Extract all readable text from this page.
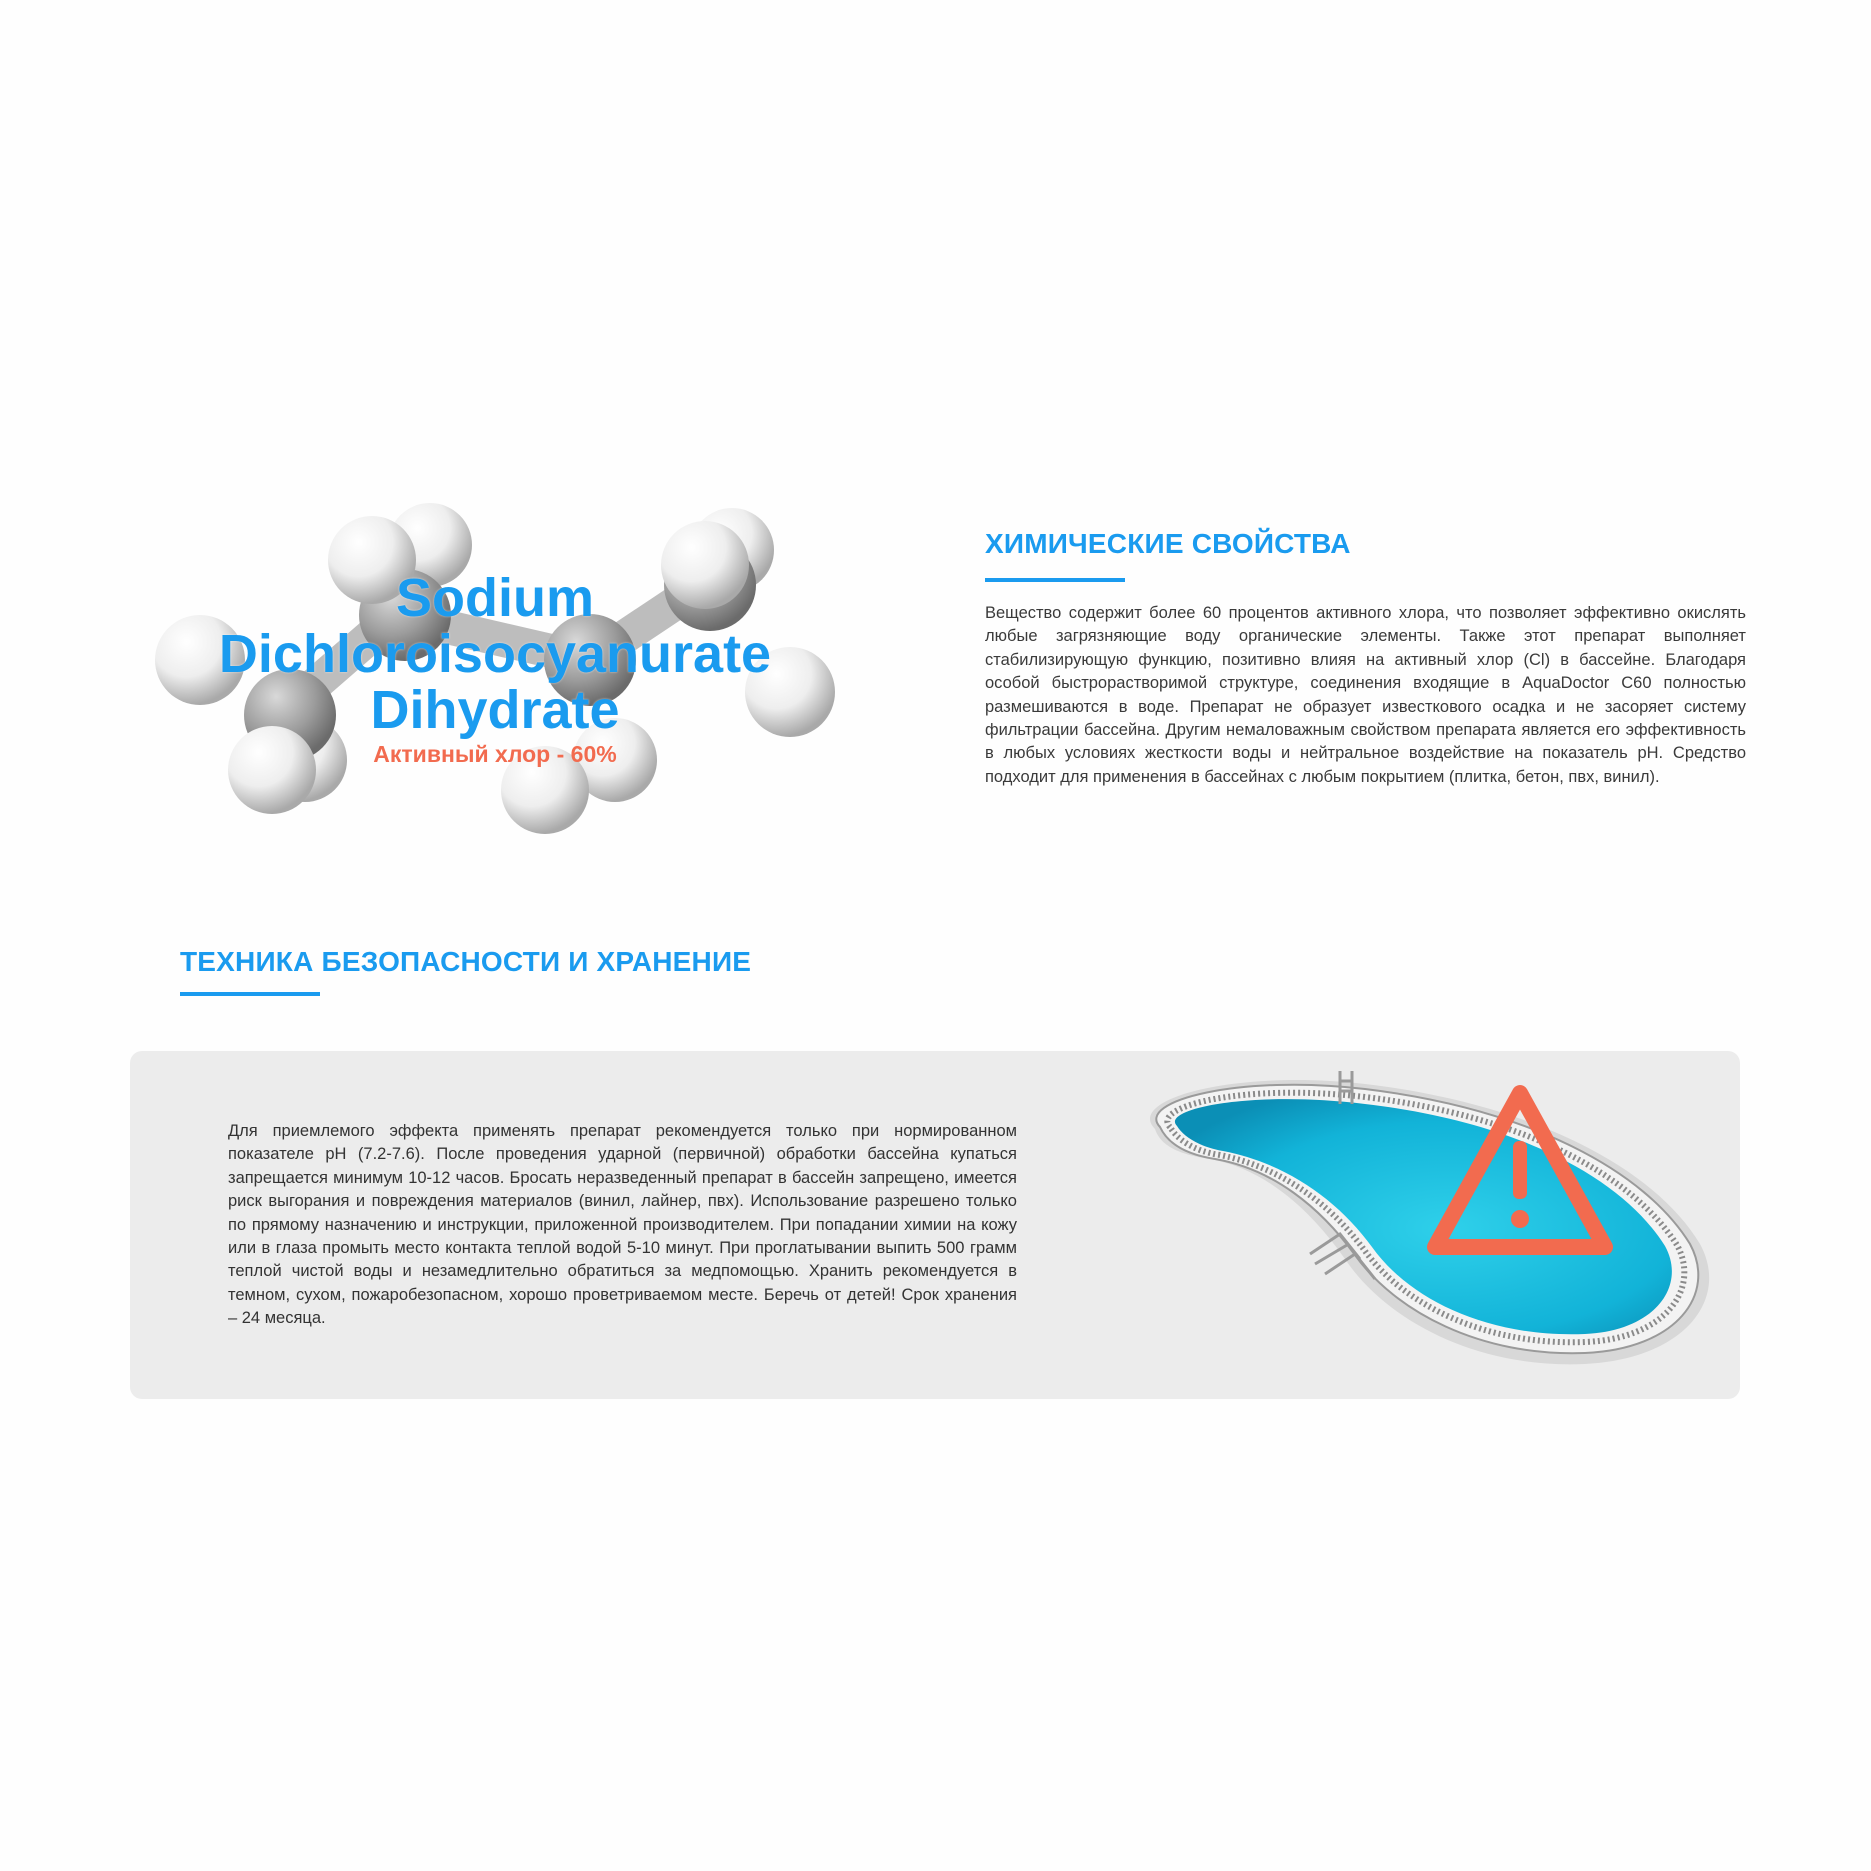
Sodium
Dichloroisocyanurate
Dihydrate
Активный хлор - 60%
ХИМИЧЕСКИЕ СВОЙСТВА
Вещество содержит более 60 процентов активного хлора, что позволяет эффективно окислять любые загрязняющие воду органические элементы. Также этот препарат выполняет стабилизирующую функцию, позитивно влияя на активный хлор (Cl) в бассейне. Благодаря особой быстрорастворимой структуре, соединения входящие в AquaDoctor C60 полностью размешиваются в воде. Препарат не образует известкового осадка и не засоряет систему фильтрации бассейна. Другим немаловажным свойством препарата является его эффективность в любых условиях жесткости воды и нейтральное воздействие на показатель pH. Средство подходит для применения в бассейнах с любым покрытием (плитка, бетон, пвх, винил).
ТЕХНИКА БЕЗОПАСНОСТИ И ХРАНЕНИЕ
Для приемлемого эффекта применять препарат рекомендуется только при нормированном показателе pH (7.2-7.6). После проведения ударной (первичной) обработки бассейна купаться запрещается минимум 10-12 часов. Бросать неразведенный препарат в бассейн запрещено, имеется риск выгорания и повреждения материалов (винил, лайнер, пвх). Использование разрешено только по прямому назначению и инструкции, приложенной производителем. При попадании химии на кожу или в глаза промыть место контакта теплой водой 5-10 минут. При проглатывании выпить 500 грамм теплой чистой воды и незамедлительно обратиться за медпомощью. Хранить рекомендуется в темном, сухом, пожаробезопасном, хорошо проветриваемом месте. Беречь от детей! Срок хранения – 24 месяца.
